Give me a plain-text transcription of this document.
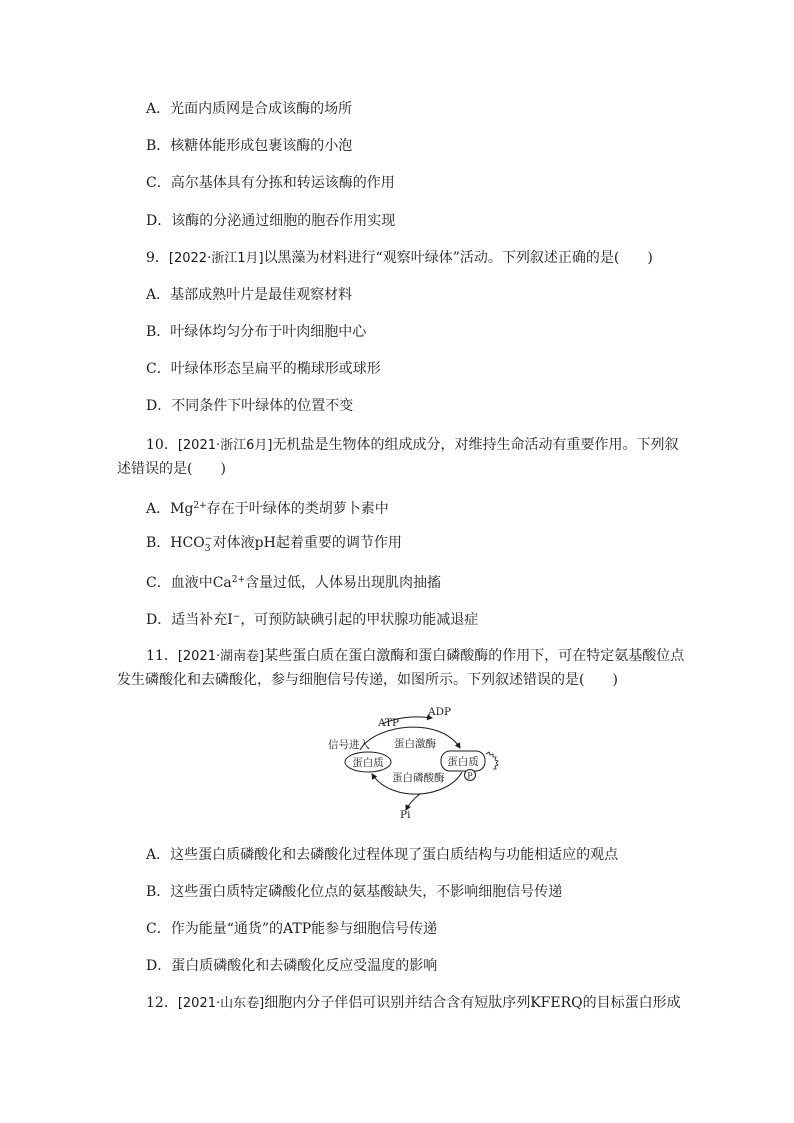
A．光面内质网是合成该酶的场所
B．核糖体能形成包裹该酶的小泡
C．高尔基体具有分拣和转运该酶的作用
D．该酶的分泌通过细胞的胞吞作用实现
9．[2022·浙江1月]以黑藻为材料进行“观察叶绿体”活动。下列叙述正确的是(　　)
A．基部成熟叶片是最佳观察材料
B．叶绿体均匀分布于叶肉细胞中心
C．叶绿体形态呈扁平的椭球形或球形
D．不同条件下叶绿体的位置不变
10．[2021·浙江6月]无机盐是生物体的组成成分，对维持生命活动有重要作用。下列叙
述错误的是(　　)
A．$Mg^{2+}$存在于叶绿体的类胡萝卜素中
B．HCO −
3 对体液pH起着重要的调节作用
C．血液中$Ca^{2+}$含量过低，人体易出现肌肉抽搐
D．适当补充I−，可预防缺碘引起的甲状腺功能减退症
11．[2021·湖南卷]某些蛋白质在蛋白激酶和蛋白磷酸酶的作用下，可在特定氨基酸位点
发生磷酸化和去磷酸化，参与细胞信号传递，如图所示。下列叙述错误的是(　　)
蛋白质	蛋白质
P
ATP
ADP
信号进入 蛋白激酶
蛋白磷酸酶
Pi
A．这些蛋白质磷酸化和去磷酸化过程体现了蛋白质结构与功能相适应的观点
B．这些蛋白质特定磷酸化位点的氨基酸缺失，不影响细胞信号传递
C．作为能量“通货”的ATP能参与细胞信号传递
D．蛋白质磷酸化和去磷酸化反应受温度的影响
12．[2021·山东卷]细胞内分子伴侣可识别并结合含有短肽序列KFERQ的目标蛋白形成
